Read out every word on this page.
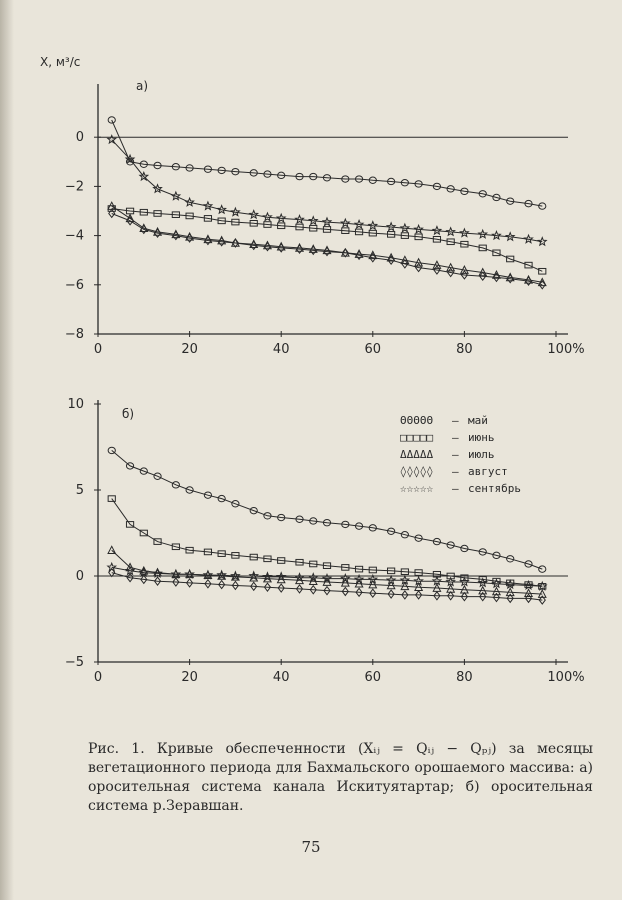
0
−2
−4
−6
−8
0	20	40	60	80	100%
X, м³/с
а)
10
5
0
−5
0	20	40	60	80	100%
б)	ΘΘΘΘΘ – май
□□□□□ – июнь
ΔΔΔΔΔ – июль
◊◊◊◊◊ – август
☆☆☆☆☆ – сентябрь
Рис. 1. Кривые обеспеченности (Xᵢⱼ = Qᵢⱼ − Qₚⱼ) за месяцы вегетационного периода для Бахмальского орошаемого массива: а) оросительная система канала Искитуятартар; б) оросительная система р.Зеравшан.
75
